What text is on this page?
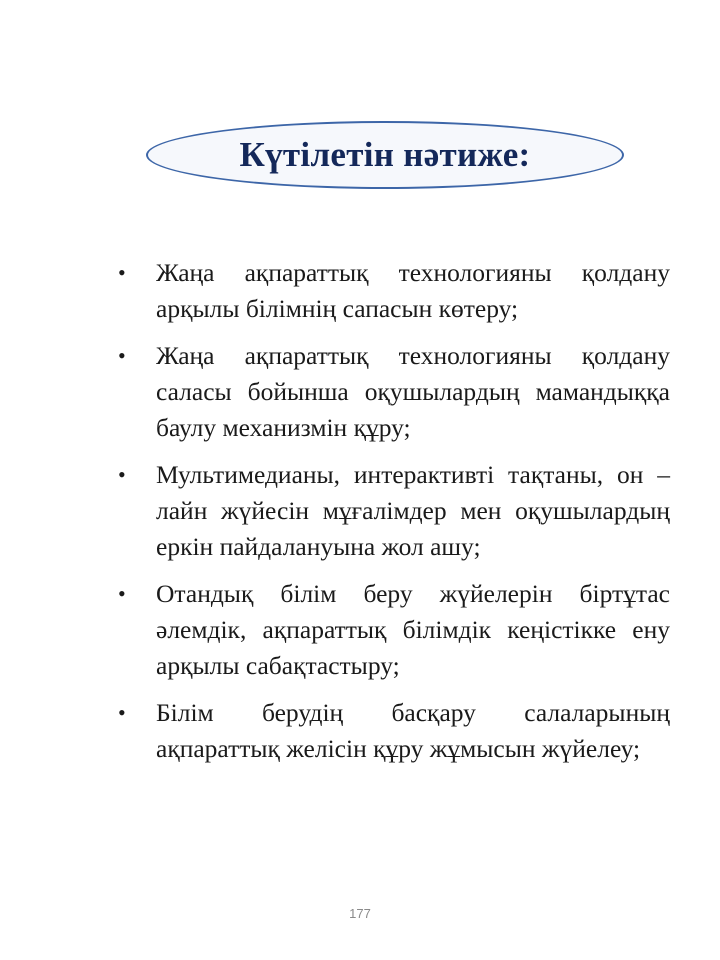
Күтілетін нәтиже:
• Жаңа ақпараттық технологияны қолдану арқылы білімнің сапасын көтеру;
• Жаңа ақпараттық технологияны қолдану саласы бойынша оқушылардың мамандыққа баулу механизмін құру;
• Мультимедианы, интерактивті тақтаны, он – лайн жүйесін мұғалімдер мен оқушылардың еркін пайдалануына жол ашу;
• Отандық білім беру жүйелерін біртұтас әлемдік, ақпараттық білімдік кеңістікке ену арқылы сабақтастыру;
• Білім берудің басқару салаларының ақпараттық желісін құру жұмысын жүйелеу;
177
